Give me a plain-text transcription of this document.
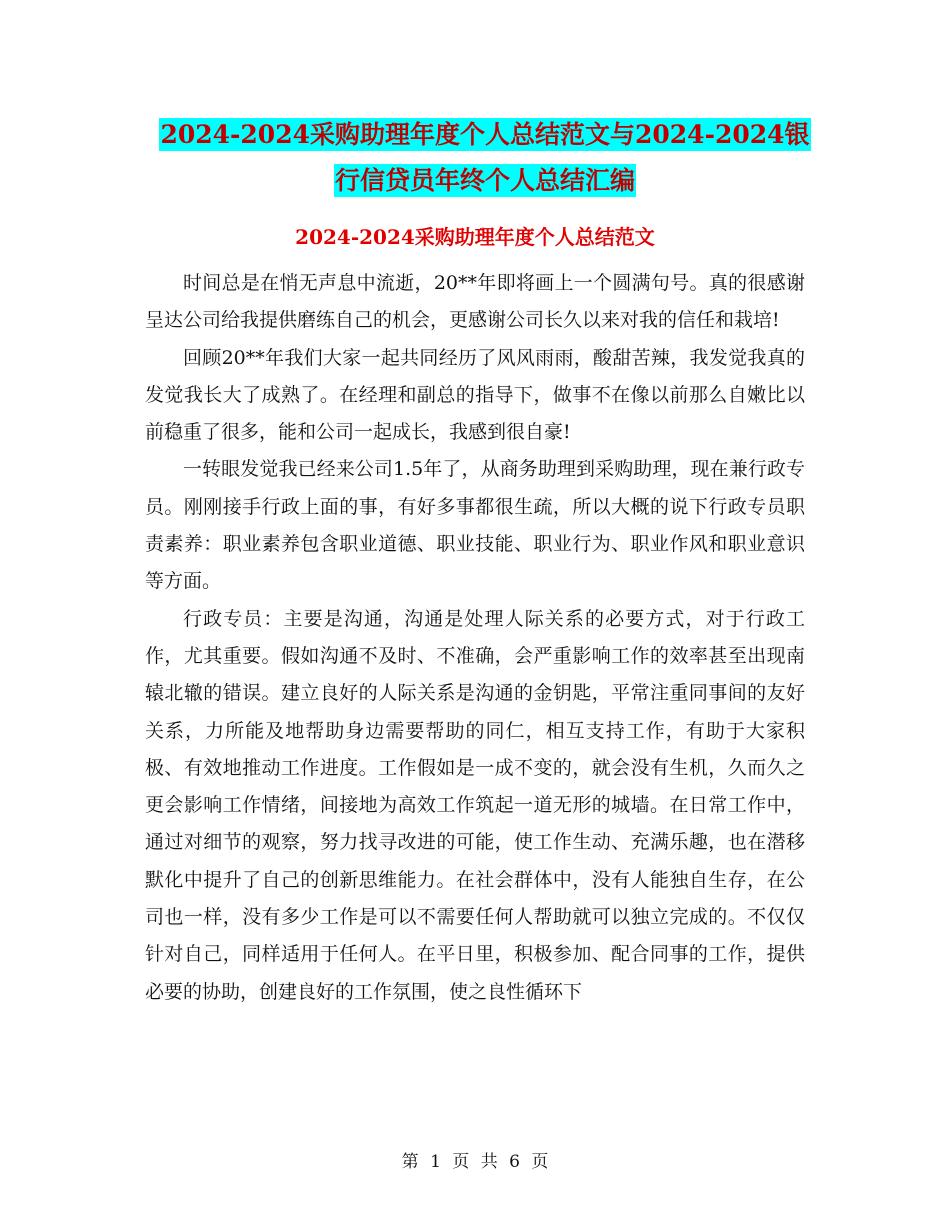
2024-2024采购助理年度个人总结范文与2024-2024银
行信贷员年终个人总结汇编
2024-2024采购助理年度个人总结范文

时间总是在悄无声息中流逝，20**年即将画上一个圆满句号。真的很感谢呈达公司给我提供磨练自己的机会，更感谢公司长久以来对我的信任和栽培!

回顾20**年我们大家一起共同经历了风风雨雨，酸甜苦辣，我发觉我真的发觉我长大了成熟了。在经理和副总的指导下，做事不在像以前那么自嫩比以前稳重了很多，能和公司一起成长，我感到很自豪!

一转眼发觉我已经来公司1.5年了，从商务助理到采购助理，现在兼行政专员。刚刚接手行政上面的事，有好多事都很生疏，所以大概的说下行政专员职责素养：职业素养包含职业道德、职业技能、职业行为、职业作风和职业意识等方面。

行政专员：主要是沟通，沟通是处理人际关系的必要方式，对于行政工作，尤其重要。假如沟通不及时、不准确，会严重影响工作的效率甚至出现南辕北辙的错误。建立良好的人际关系是沟通的金钥匙，平常注重同事间的友好关系，力所能及地帮助身边需要帮助的同仁，相互支持工作，有助于大家积极、有效地推动工作进度。工作假如是一成不变的，就会没有生机，久而久之更会影响工作情绪，间接地为高效工作筑起一道无形的城墙。在日常工作中，通过对细节的观察，努力找寻改进的可能，使工作生动、充满乐趣，也在潜移默化中提升了自己的创新思维能力。在社会群体中，没有人能独自生存，在公司也一样，没有多少工作是可以不需要任何人帮助就可以独立完成的。不仅仅针对自己，同样适用于任何人。在平日里，积极参加、配合同事的工作，提供必要的协助，创建良好的工作氛围，使之良性循环下

第 1 页 共 6 页
